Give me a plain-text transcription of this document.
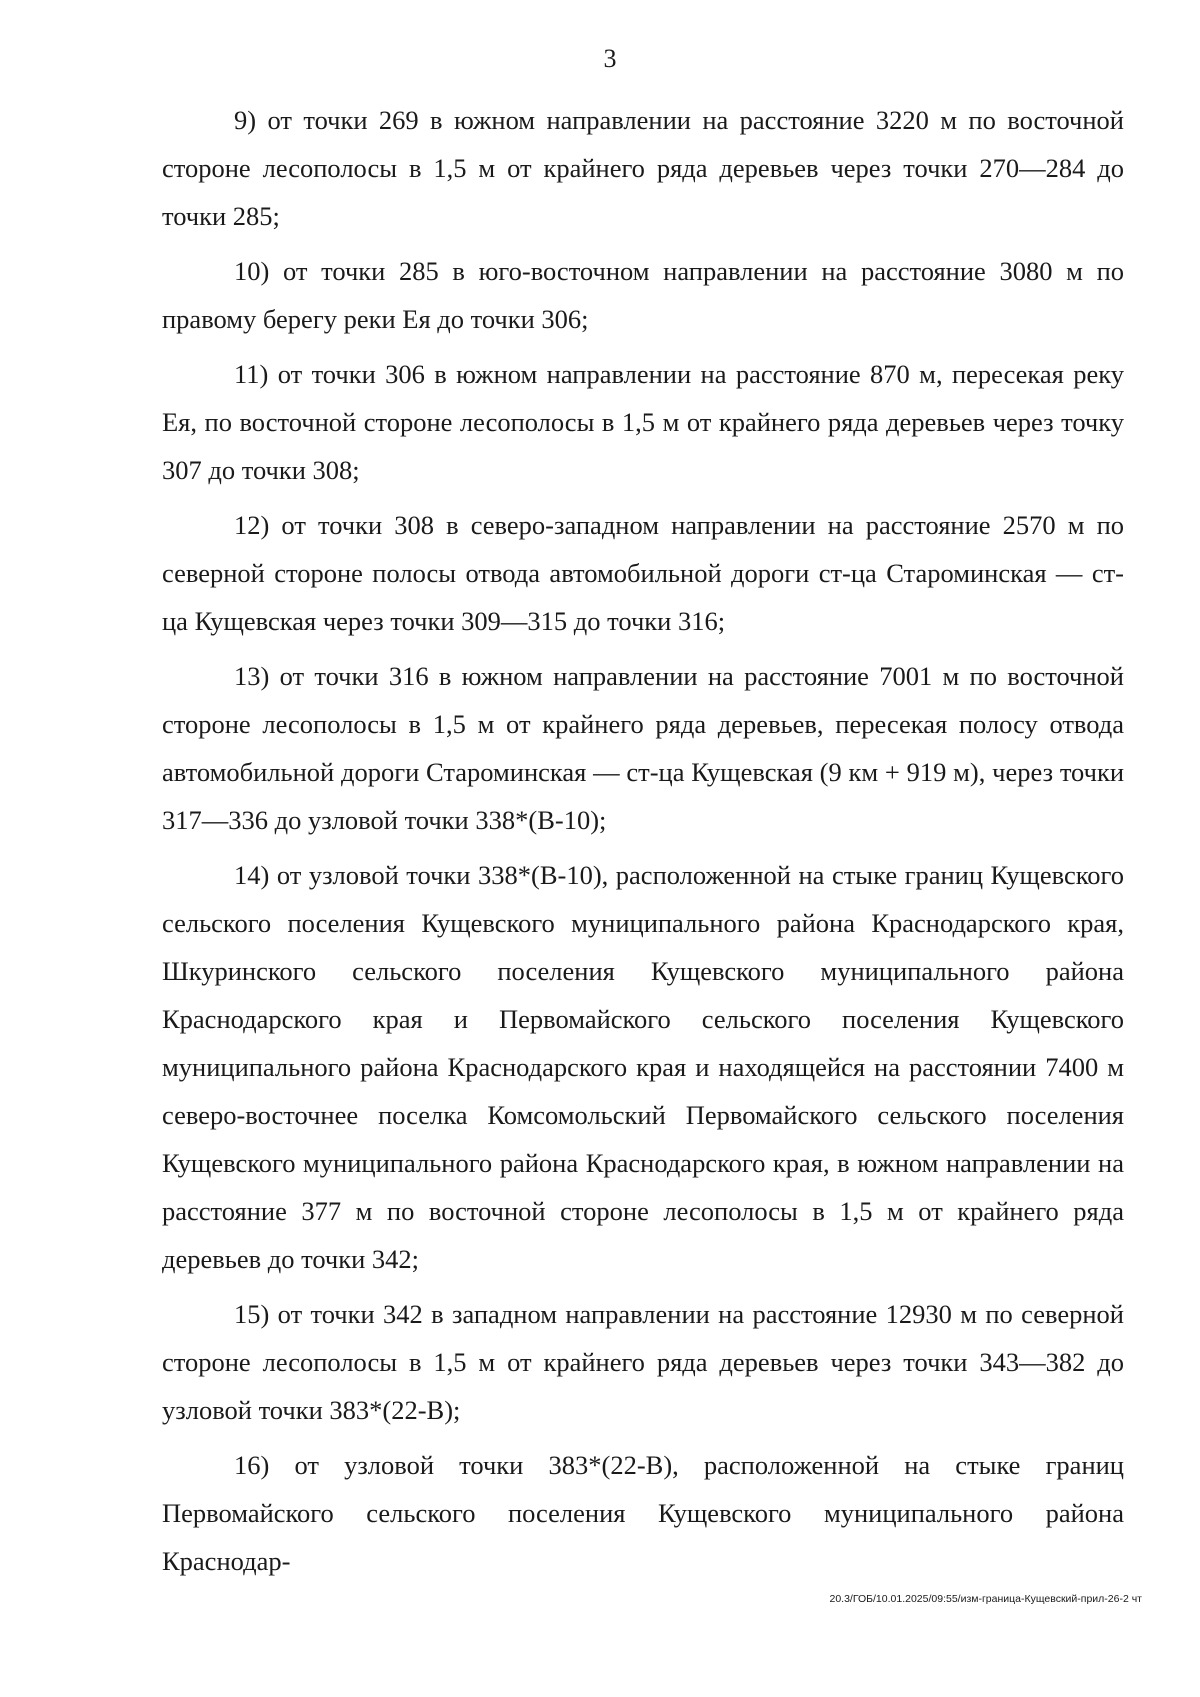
3

9) от точки 269 в южном направлении на расстояние 3220 м по восточной стороне лесополосы в 1,5 м от крайнего ряда деревьев через точки 270—284 до точки 285;

10) от точки 285 в юго-восточном направлении на расстояние 3080 м по правому берегу реки Ея до точки 306;

11) от точки 306 в южном направлении на расстояние 870 м, пересекая реку Ея, по восточной стороне лесополосы в 1,5 м от крайнего ряда деревьев через точку 307 до точки 308;

12) от точки 308 в северо-западном направлении на расстояние 2570 м по северной стороне полосы отвода автомобильной дороги ст-ца Староминская — ст-ца Кущевская через точки 309—315 до точки 316;

13) от точки 316 в южном направлении на расстояние 7001 м по восточной стороне лесополосы в 1,5 м от крайнего ряда деревьев, пересекая полосу отвода автомобильной дороги Староминская — ст-ца Кущевская (9 км + 919 м), через точки 317—336 до узловой точки 338*(В-10);

14) от узловой точки 338*(В-10), расположенной на стыке границ Кущевского сельского поселения Кущевского муниципального района Краснодарского края, Шкуринского сельского поселения Кущевского муниципального района Краснодарского края и Первомайского сельского поселения Кущевского муниципального района Краснодарского края и находящейся на расстоянии 7400 м северо-восточнее поселка Комсомольский Первомайского сельского поселения Кущевского муниципального района Краснодарского края, в южном направлении на расстояние 377 м по восточной стороне лесополосы в 1,5 м от крайнего ряда деревьев до точки 342;

15) от точки 342 в западном направлении на расстояние 12930 м по северной стороне лесополосы в 1,5 м от крайнего ряда деревьев через точки 343—382 до узловой точки 383*(22-В);

16) от узловой точки 383*(22-В), расположенной на стыке границ Первомайского сельского поселения Кущевского муниципального района Краснодар-

20.3/ГОБ/10.01.2025/09:55/изм-граница-Кущевский-прил-26-2 чт
